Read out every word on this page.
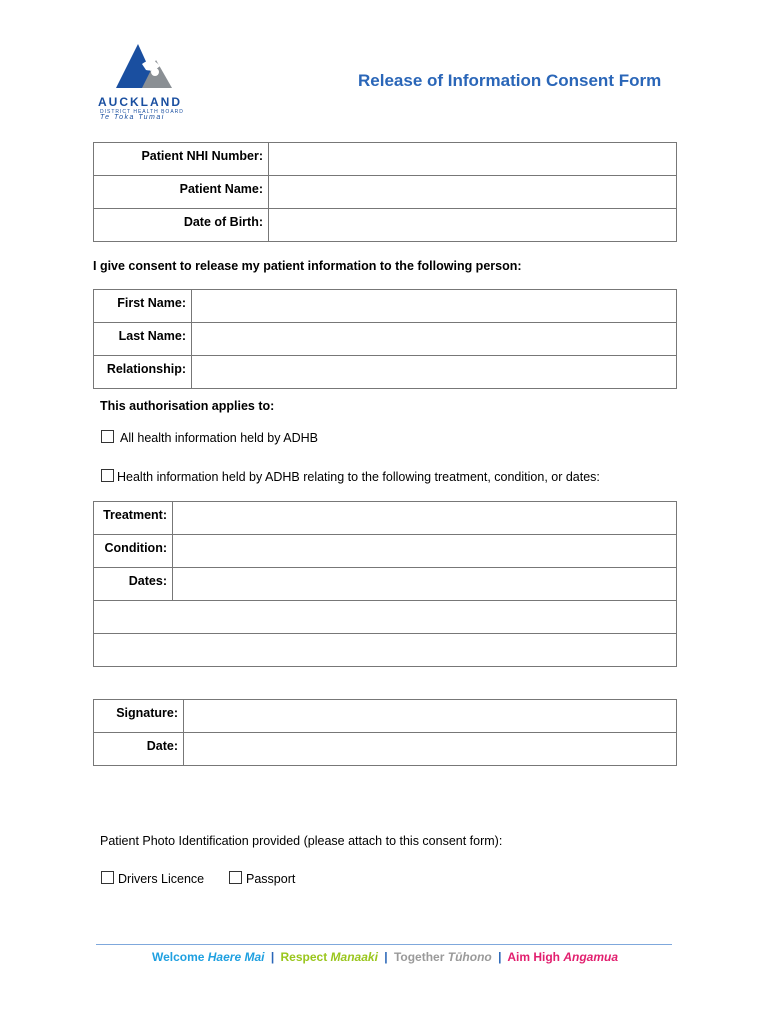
AUCKLAND
DISTRICT HEALTH BOARD
Te Toka Tumai
Release of Information Consent Form
Patient NHI Number:	
Patient Name:	
Date of Birth:	
I give consent to release my patient information to the following person:
First Name:	
Last Name:	
Relationship:	
This authorisation applies to:
All health information held by ADHB
Health information held by ADHB relating to the following treatment, condition, or dates:
Treatment:	
Condition:	
Dates:	

Signature:	
Date:	
Patient Photo Identification provided (please attach to this consent form):
Drivers Licence	Passport
Welcome Haere Mai | Respect Manaaki | Together Tūhono | Aim High Angamua
